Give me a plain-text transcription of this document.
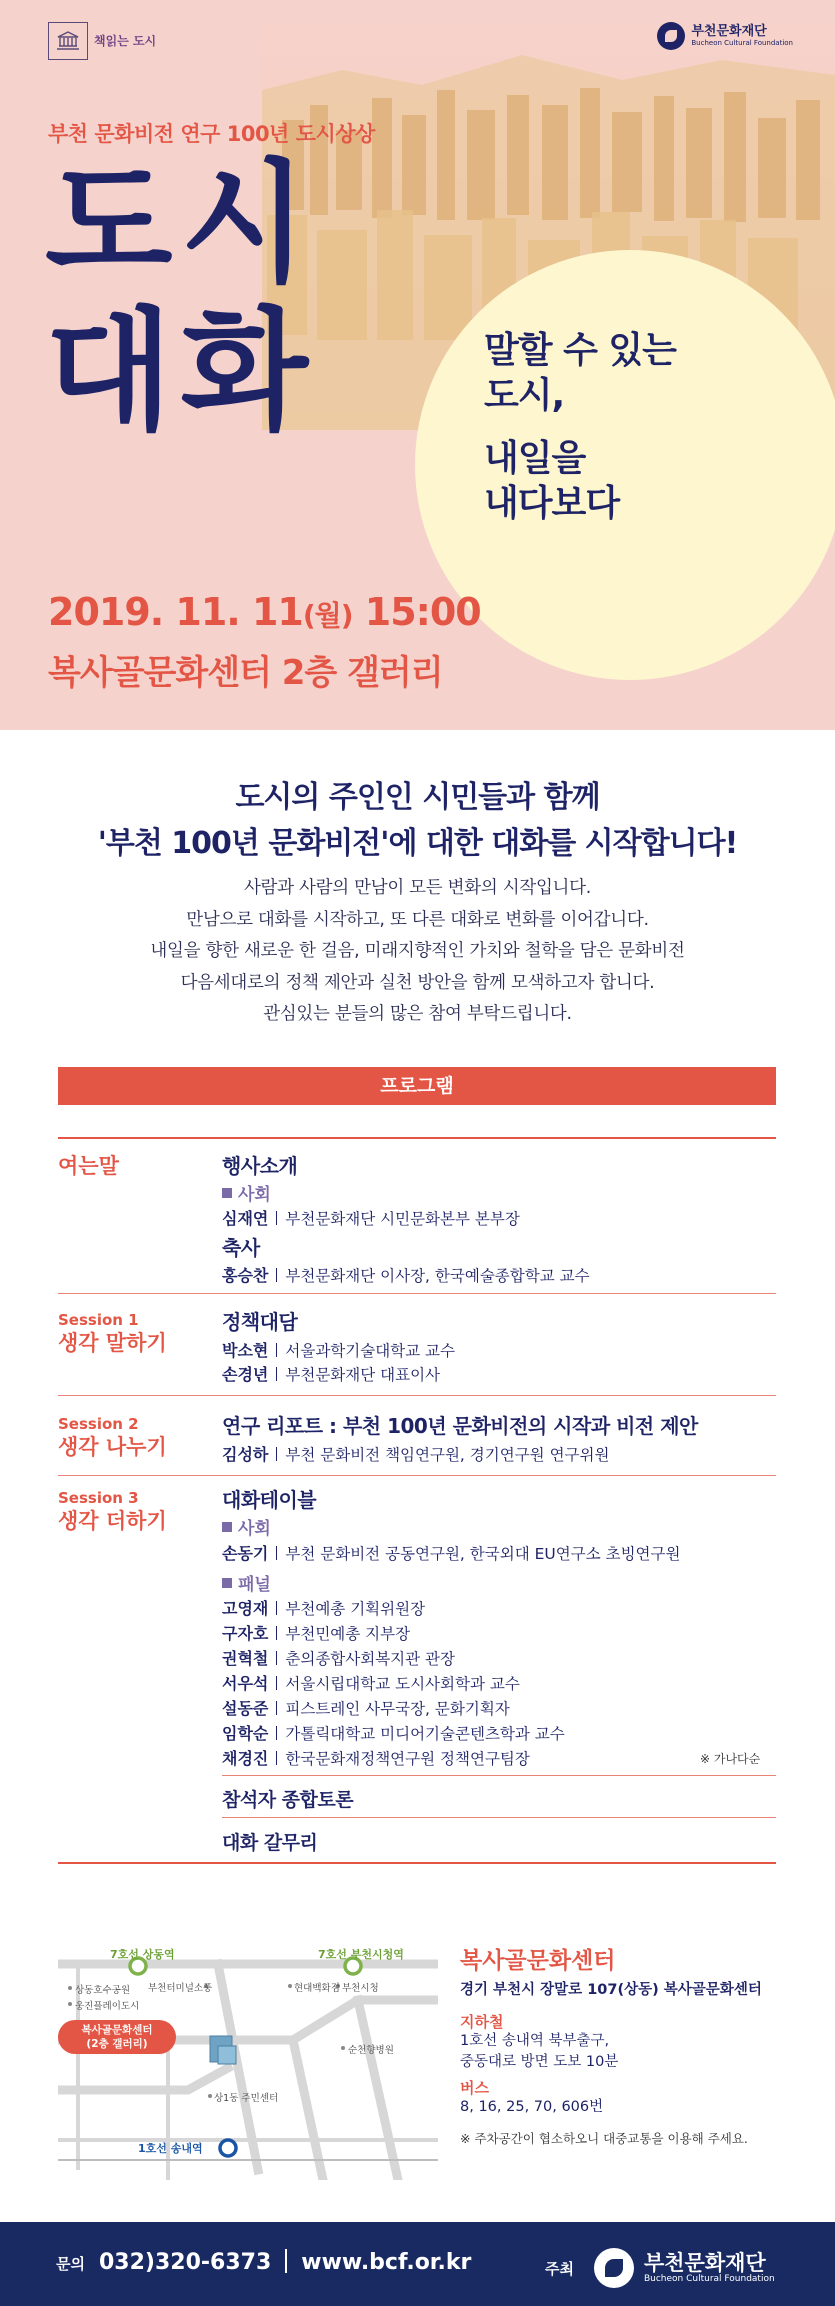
책읽는 도시
부천문화재단
Bucheon Cultural Foundation
부천 문화비전 연구 100년 도시상상
도시
대화	말할 수 있는
도시,
내일을
내다보다
2019. 11. 11(월) 15:00
복사골문화센터 2층 갤러리
도시의 주인인 시민들과 함께
'부천 100년 문화비전'에 대한 대화를 시작합니다!
사람과 사람의 만남이 모든 변화의 시작입니다.
만남으로 대화를 시작하고, 또 다른 대화로 변화를 이어갑니다.
내일을 향한 새로운 한 걸음, 미래지향적인 가치와 철학을 담은 문화비전
다음세대로의 정책 제안과 실천 방안을 함께 모색하고자 합니다.
관심있는 분들의 많은 참여 부탁드립니다.
프로그램
여는말	행사소개
사회
심재연 부천문화재단 시민문화본부 본부장
축사
홍승찬 부천문화재단 이사장, 한국예술종합학교 교수
Session 1
생각 말하기
정책대담
박소현 서울과학기술대학교 교수
손경년 부천문화재단 대표이사
Session 2
생각 나누기
연구 리포트 : 부천 100년 문화비전의 시작과 비전 제안
김성하 부천 문화비전 책임연구원, 경기연구원 연구위원
Session 3
생각 더하기
대화테이블
사회
손동기 부천 문화비전 공동연구원, 한국외대 EU연구소 초빙연구원
패널
고영재 부천예총 기획위원장
구자호 부천민예총 지부장
권혁철 춘의종합사회복지관 관장
서우석 서울시립대학교 도시사회학과 교수
설동준 피스트레인 사무국장, 문화기획자
임학순 가톨릭대학교 미디어기술콘텐츠학과 교수
채경진 한국문화재정책연구원 정책연구팀장	※ 가나다순
참석자 종합토론
대화 갈무리
7호선 상동역	7호선 부천시청역
1호선 송내역
상동호수공원
웅진플레이도시
부천터미널소풍	현대백화점 부천시청
순천향병원
상1동 주민센터
복사골문화센터
(2층 갤러리)
복사골문화센터
경기 부천시 장말로 107(상동) 복사골문화센터
지하철
1호선 송내역 북부출구,
중동대로 방면 도보 10분
버스
8, 16, 25, 70, 606번
※ 주차공간이 협소하오니 대중교통을 이용해 주세요.
문의 032)320-6373 www.bcf.or.kr	주최	부천문화재단
Bucheon Cultural Foundation
